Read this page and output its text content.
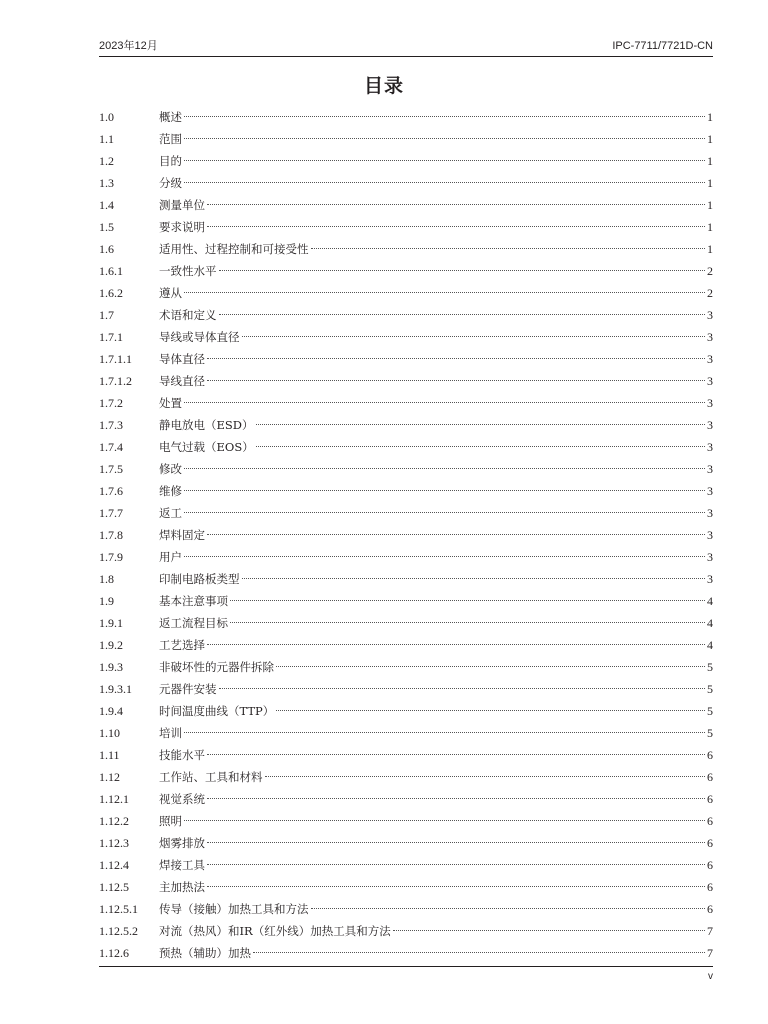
2023年12月	IPC-7711/7721D-CN
目录
1.0	概述	1
1.1	范围	1
1.2	目的	1
1.3	分级	1
1.4	测量单位	1
1.5	要求说明	1
1.6	适用性、过程控制和可接受性	1
1.6.1	一致性水平	2
1.6.2	遵从	2
1.7	术语和定义	3
1.7.1	导线或导体直径	3
1.7.1.1	导体直径	3
1.7.1.2	导线直径	3
1.7.2	处置	3
1.7.3	静电放电（ESD）	3
1.7.4	电气过载（EOS）	3
1.7.5	修改	3
1.7.6	维修	3
1.7.7	返工	3
1.7.8	焊料固定	3
1.7.9	用户	3
1.8	印制电路板类型	3
1.9	基本注意事项	4
1.9.1	返工流程目标	4
1.9.2	工艺选择	4
1.9.3	非破坏性的元器件拆除	5
1.9.3.1	元器件安装	5
1.9.4	时间温度曲线（TTP）	5
1.10	培训	5
1.11	技能水平	6
1.12	工作站、工具和材料	6
1.12.1	视觉系统	6
1.12.2	照明	6
1.12.3	烟雾排放	6
1.12.4	焊接工具	6
1.12.5	主加热法	6
1.12.5.1	传导（接触）加热工具和方法	6
1.12.5.2	对流（热风）和IR（红外线）加热工具和方法	7
1.12.6	预热（辅助）加热	7
v
